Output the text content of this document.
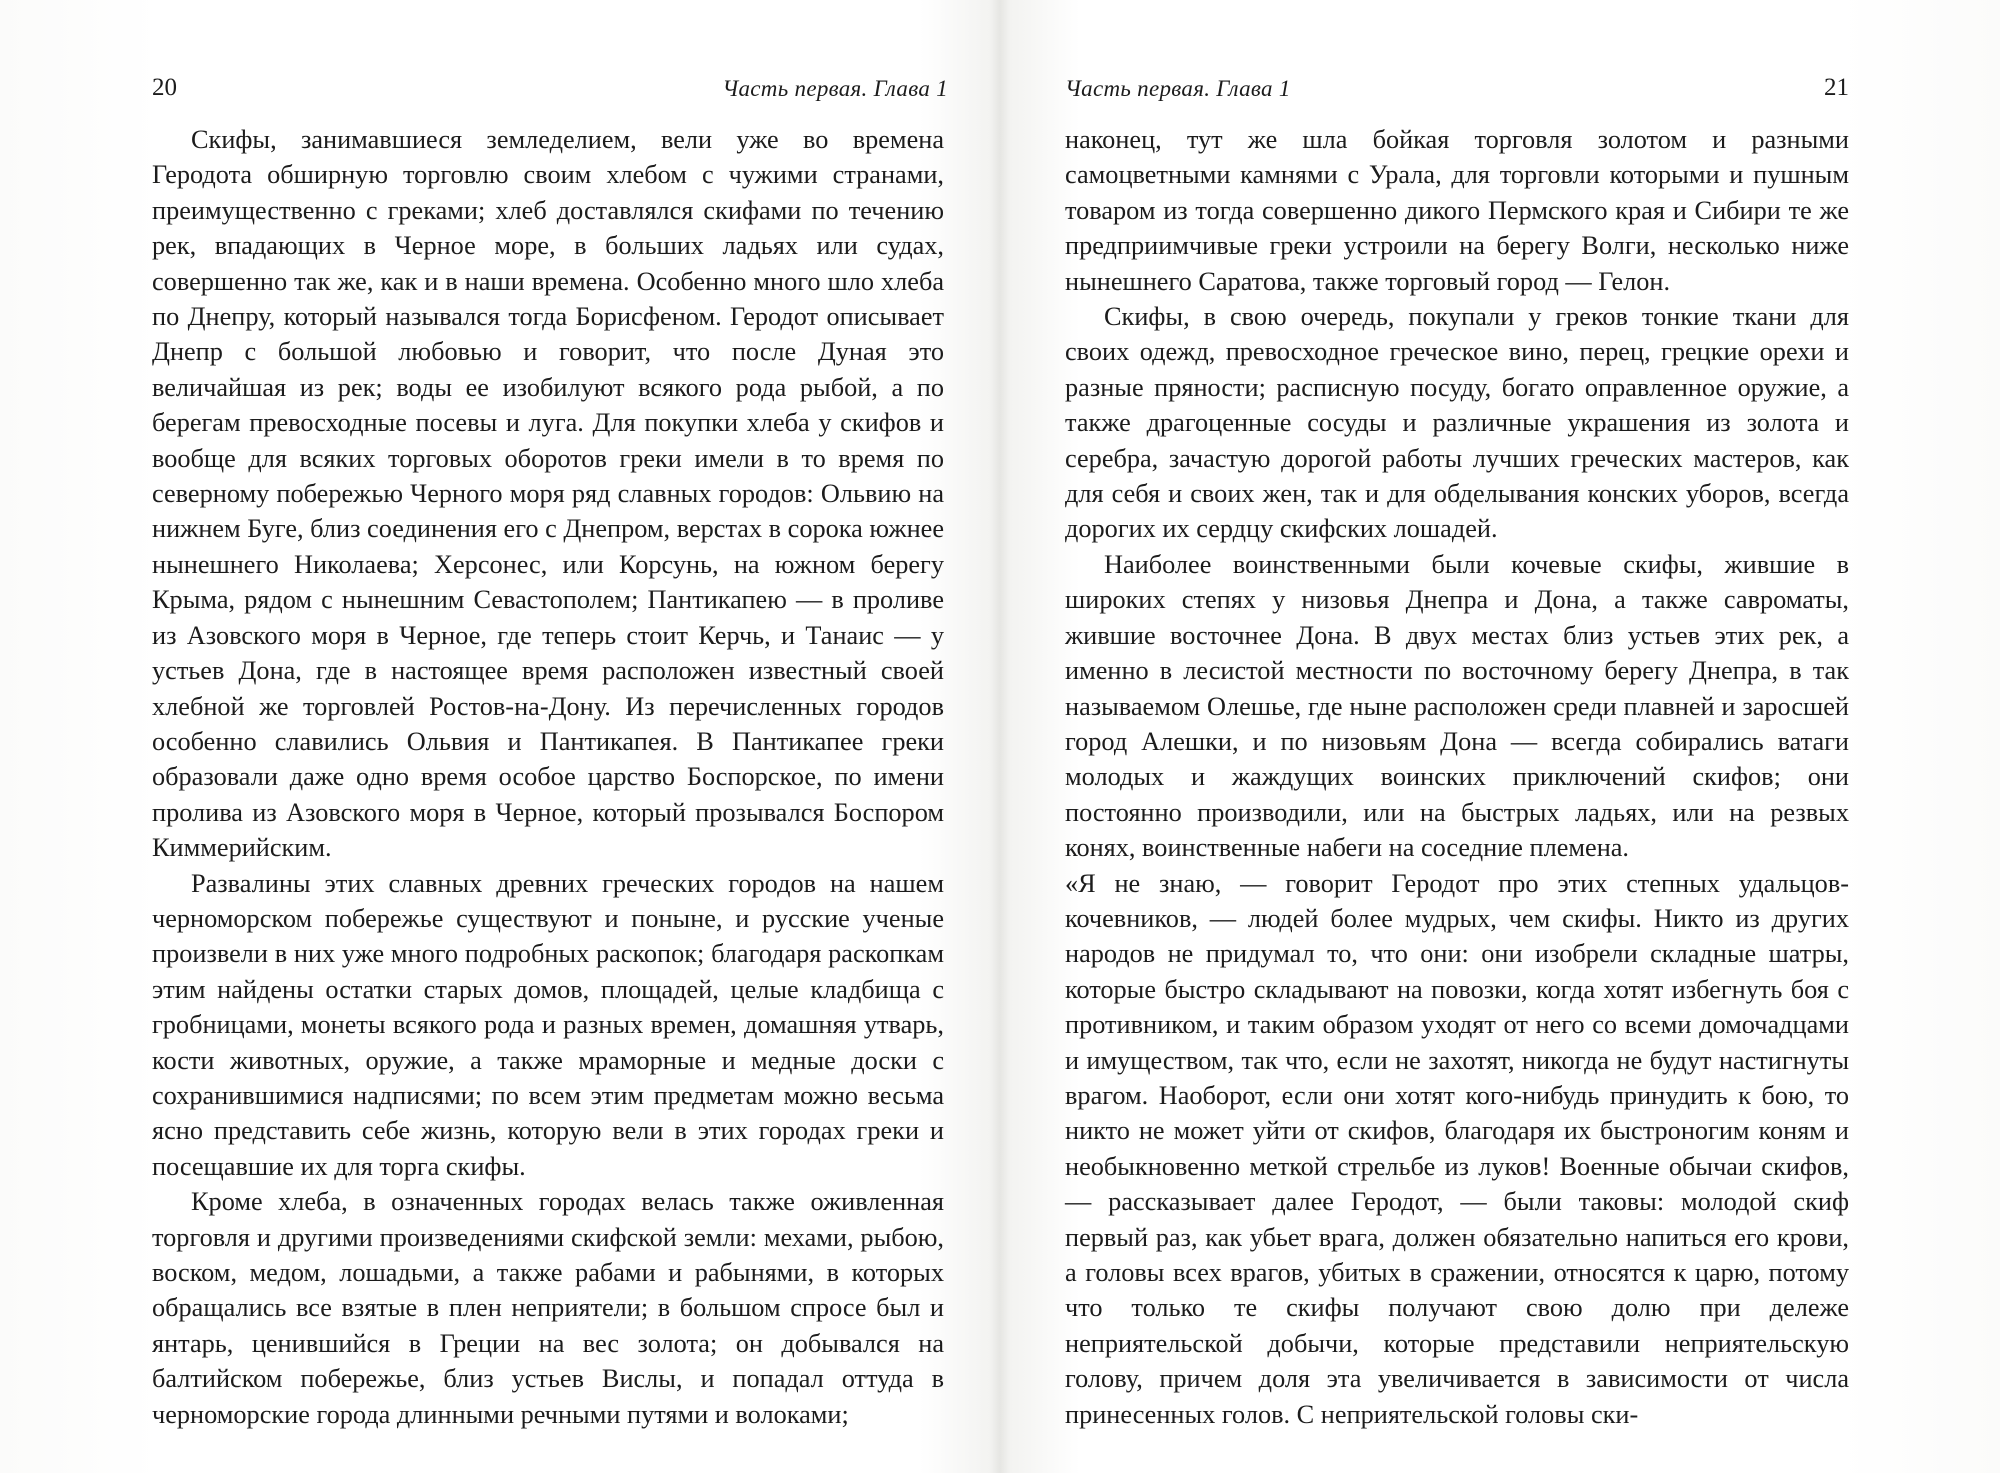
20	Часть первая. Глава 1

Скифы, занимавшиеся земледелием, вели уже во времена Геродота обширную торговлю своим хлебом с чужими странами, преимущественно с греками; хлеб доставлялся скифами по течению рек, впадающих в Черное море, в больших ладьях или судах, совершенно так же, как и в наши времена. Особенно много шло хлеба по Днепру, который назывался тогда Борисфеном. Геродот описывает Днепр с большой любовью и говорит, что после Дуная это величайшая из рек; воды ее изобилуют всякого рода рыбой, а по берегам превосходные посевы и луга. Для покупки хлеба у скифов и вообще для всяких торговых оборотов греки имели в то время по северному побережью Черного моря ряд славных городов: Ольвию на нижнем Буге, близ соединения его с Днепром, верстах в сорока южнее нынешнего Николаева; Херсонес, или Корсунь, на южном берегу Крыма, рядом с нынешним Севастополем; Пантикапею — в проливе из Азовского моря в Черное, где теперь стоит Керчь, и Танаис — у устьев Дона, где в настоящее время расположен известный своей хлебной же торговлей Ростов-на-Дону. Из перечисленных городов особенно славились Ольвия и Пантикапея. В Пантикапее греки образовали даже одно время особое царство Боспорское, по имени пролива из Азовского моря в Черное, который прозывался Боспором Киммерийским.

Развалины этих славных древних греческих городов на нашем черноморском побережье существуют и поныне, и русские ученые произвели в них уже много подробных раскопок; благодаря раскопкам этим найдены остатки старых домов, площадей, целые кладбища с гробницами, монеты всякого рода и разных времен, домашняя утварь, кости животных, оружие, а также мраморные и медные доски с сохранившимися надписями; по всем этим предметам можно весьма ясно представить себе жизнь, которую вели в этих городах греки и посещавшие их для торга скифы.

Кроме хлеба, в означенных городах велась также оживленная торговля и другими произведениями скифской земли: мехами, рыбою, воском, медом, лошадьми, а также рабами и рабынями, в которых обращались все взятые в плен неприятели; в большом спросе был и янтарь, ценившийся в Греции на вес золота; он добывался на балтийском побережье, близ устьев Вислы, и попадал оттуда в черноморские города длинными речными путями и волоками;

Часть первая. Глава 1	21

наконец, тут же шла бойкая торговля золотом и разными самоцветными камнями с Урала, для торговли которыми и пушным товаром из тогда совершенно дикого Пермского края и Сибири те же предприимчивые греки устроили на берегу Волги, несколько ниже нынешнего Саратова, также торговый город — Гелон.

Скифы, в свою очередь, покупали у греков тонкие ткани для своих одежд, превосходное греческое вино, перец, грецкие орехи и разные пряности; расписную посуду, богато оправленное оружие, а также драгоценные сосуды и различные украшения из золота и серебра, зачастую дорогой работы лучших греческих мастеров, как для себя и своих жен, так и для обделывания конских уборов, всегда дорогих их сердцу скифских лошадей.

Наиболее воинственными были кочевые скифы, жившие в широких степях у низовья Днепра и Дона, а также савроматы, жившие восточнее Дона. В двух местах близ устьев этих рек, а именно в лесистой местности по восточному берегу Днепра, в так называемом Олешье, где ныне расположен среди плавней и заросшей город Алешки, и по низовьям Дона — всегда собирались ватаги молодых и жаждущих воинских приключений скифов; они постоянно производили, или на быстрых ладьях, или на резвых конях, воинственные набеги на соседние племена.

«Я не знаю, — говорит Геродот про этих степных удальцов-кочевников, — людей более мудрых, чем скифы. Никто из других народов не придумал то, что они: они изобрели складные шатры, которые быстро складывают на повозки, когда хотят избегнуть боя с противником, и таким образом уходят от него со всеми домочадцами и имуществом, так что, если не захотят, никогда не будут настигнуты врагом. Наоборот, если они хотят кого-нибудь принудить к бою, то никто не может уйти от скифов, благодаря их быстроногим коням и необыкновенно меткой стрельбе из луков! Военные обычаи скифов, — рассказывает далее Геродот, — были таковы: молодой скиф первый раз, как убьет врага, должен обязательно напиться его крови, а головы всех врагов, убитых в сражении, относятся к царю, потому что только те скифы получают свою долю при дележе неприятельской добычи, которые представили неприятельскую голову, причем доля эта увеличивается в зависимости от числа принесенных голов. С неприятельской головы ски-
